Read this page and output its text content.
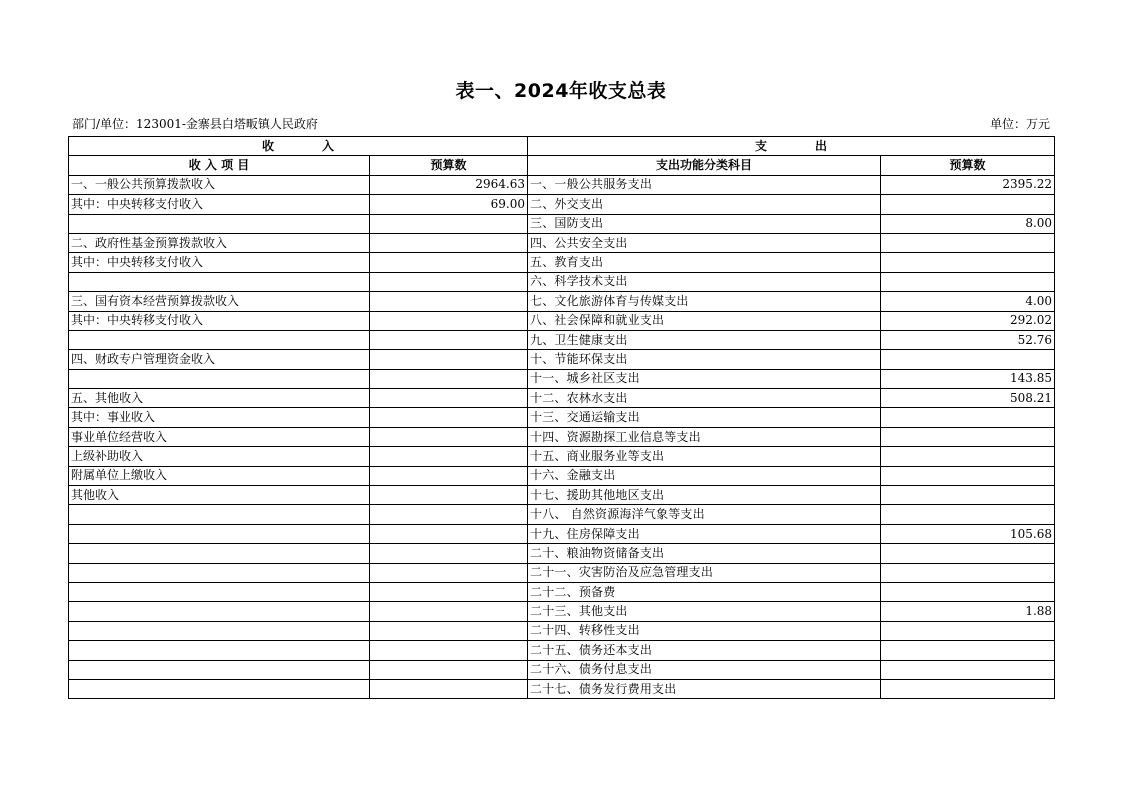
表一、2024年收支总表
部门/单位：123001-金寨县白塔畈镇人民政府	单位：万元
收　　　　入		支　　　　出	
收 入 项 目	预算数	支出功能分类科目	预算数
一、一般公共预算拨款收入	2964.63	一、一般公共服务支出	2395.22
其中：中央转移支付收入	69.00	二、外交支出	
		三、国防支出	8.00
二、政府性基金预算拨款收入		四、公共安全支出	
其中：中央转移支付收入		五、教育支出	
		六、科学技术支出	
三、国有资本经营预算拨款收入		七、文化旅游体育与传媒支出	4.00
其中：中央转移支付收入		八、社会保障和就业支出	292.02
		九、卫生健康支出	52.76
四、财政专户管理资金收入		十、节能环保支出	
		十一、城乡社区支出	143.85
五、其他收入		十二、农林水支出	508.21
其中：事业收入		十三、交通运输支出	
事业单位经营收入		十四、资源勘探工业信息等支出	
上级补助收入		十五、商业服务业等支出	
附属单位上缴收入		十六、金融支出	
其他收入		十七、援助其他地区支出	
		十八、 自然资源海洋气象等支出	
		十九、住房保障支出	105.68
		二十、粮油物资储备支出	
		二十一、灾害防治及应急管理支出	
		二十二、预备费	
		二十三、其他支出	1.88
		二十四、转移性支出	
		二十五、债务还本支出	
		二十六、债务付息支出	
		二十七、债务发行费用支出	
